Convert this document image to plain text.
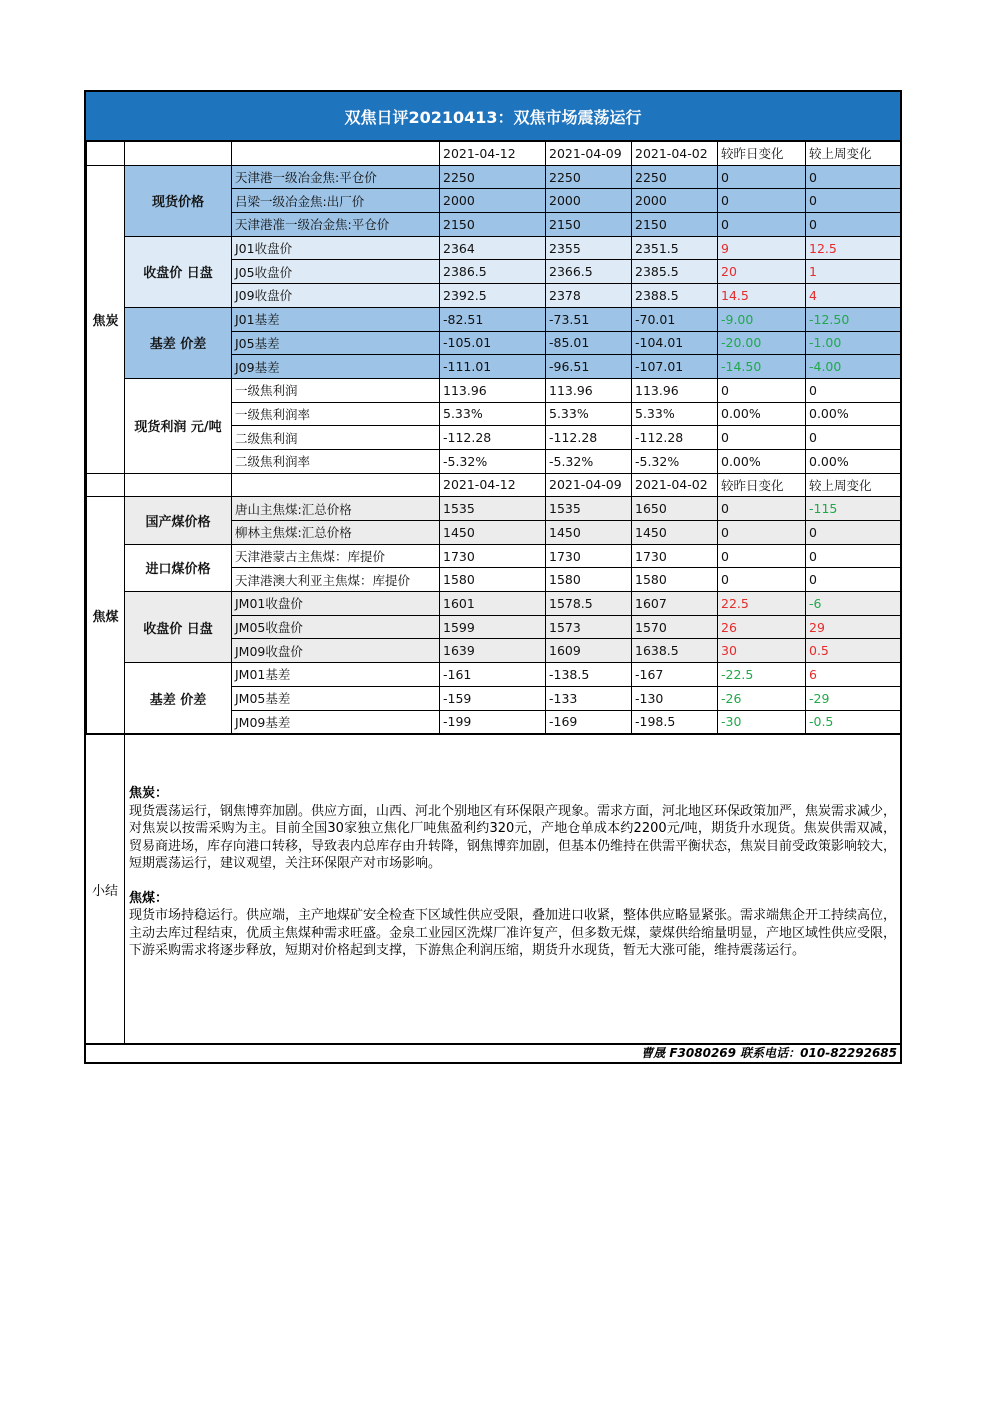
双焦日评20210413：双焦市场震荡运行
			2021-04-12	2021-04-09	2021-04-02	较昨日变化	较上周变化
焦炭	现货价格	天津港一级冶金焦:平仓价	2250	2250	2250	0	0
		吕梁一级冶金焦:出厂价	2000	2000	2000	0	0
		天津港准一级冶金焦:平仓价	2150	2150	2150	0	0
	收盘价 日盘	J01收盘价	2364	2355	2351.5	9	12.5
		J05收盘价	2386.5	2366.5	2385.5	20	1
		J09收盘价	2392.5	2378	2388.5	14.5	4
	基差 价差	J01基差	-82.51	-73.51	-70.01	-9.00	-12.50
		J05基差	-105.01	-85.01	-104.01	-20.00	-1.00
		J09基差	-111.01	-96.51	-107.01	-14.50	-4.00
	现货利润 元/吨	一级焦利润	113.96	113.96	113.96	0	0
		一级焦利润率	5.33%	5.33%	5.33%	0.00%	0.00%
		二级焦利润	-112.28	-112.28	-112.28	0	0
		二级焦利润率	-5.32%	-5.32%	-5.32%	0.00%	0.00%
			2021-04-12	2021-04-09	2021-04-02	较昨日变化	较上周变化
焦煤	国产煤价格	唐山主焦煤:汇总价格	1535	1535	1650	0	-115
		柳林主焦煤:汇总价格	1450	1450	1450	0	0
	进口煤价格	天津港蒙古主焦煤：库提价	1730	1730	1730	0	0
		天津港澳大利亚主焦煤：库提价	1580	1580	1580	0	0
	收盘价 日盘	JM01收盘价	1601	1578.5	1607	22.5	-6
		JM05收盘价	1599	1573	1570	26	29
		JM09收盘价	1639	1609	1638.5	30	0.5
	基差 价差	JM01基差	-161	-138.5	-167	-22.5	6
		JM05基差	-159	-133	-130	-26	-29
		JM09基差	-199	-169	-198.5	-30	-0.5
小结

焦炭：

现货震荡运行，钢焦博弈加剧。供应方面，山西、河北个别地区有环保限产现象。需求方面，河北地区环保政策加严，焦炭需求减少，对焦炭以按需采购为主。目前全国30家独立焦化厂吨焦盈利约320元，产地仓单成本约2200元/吨，期货升水现货。焦炭供需双减，贸易商进场，库存向港口转移，导致表内总库存由升转降，钢焦博弈加剧，但基本仍维持在供需平衡状态，焦炭目前受政策影响较大，短期震荡运行，建议观望，关注环保限产对市场影响。

焦煤：

现货市场持稳运行。供应端，主产地煤矿安全检查下区域性供应受限，叠加进口收紧，整体供应略显紧张。需求端焦企开工持续高位，主动去库过程结束，优质主焦煤种需求旺盛。金泉工业园区洗煤厂准许复产，但多数无煤，蒙煤供给缩量明显，产地区域性供应受限，下游采购需求将逐步释放，短期对价格起到支撑，下游焦企利润压缩，期货升水现货，暂无大涨可能，维持震荡运行。

曹晟 F3080269 联系电话：010-82292685
